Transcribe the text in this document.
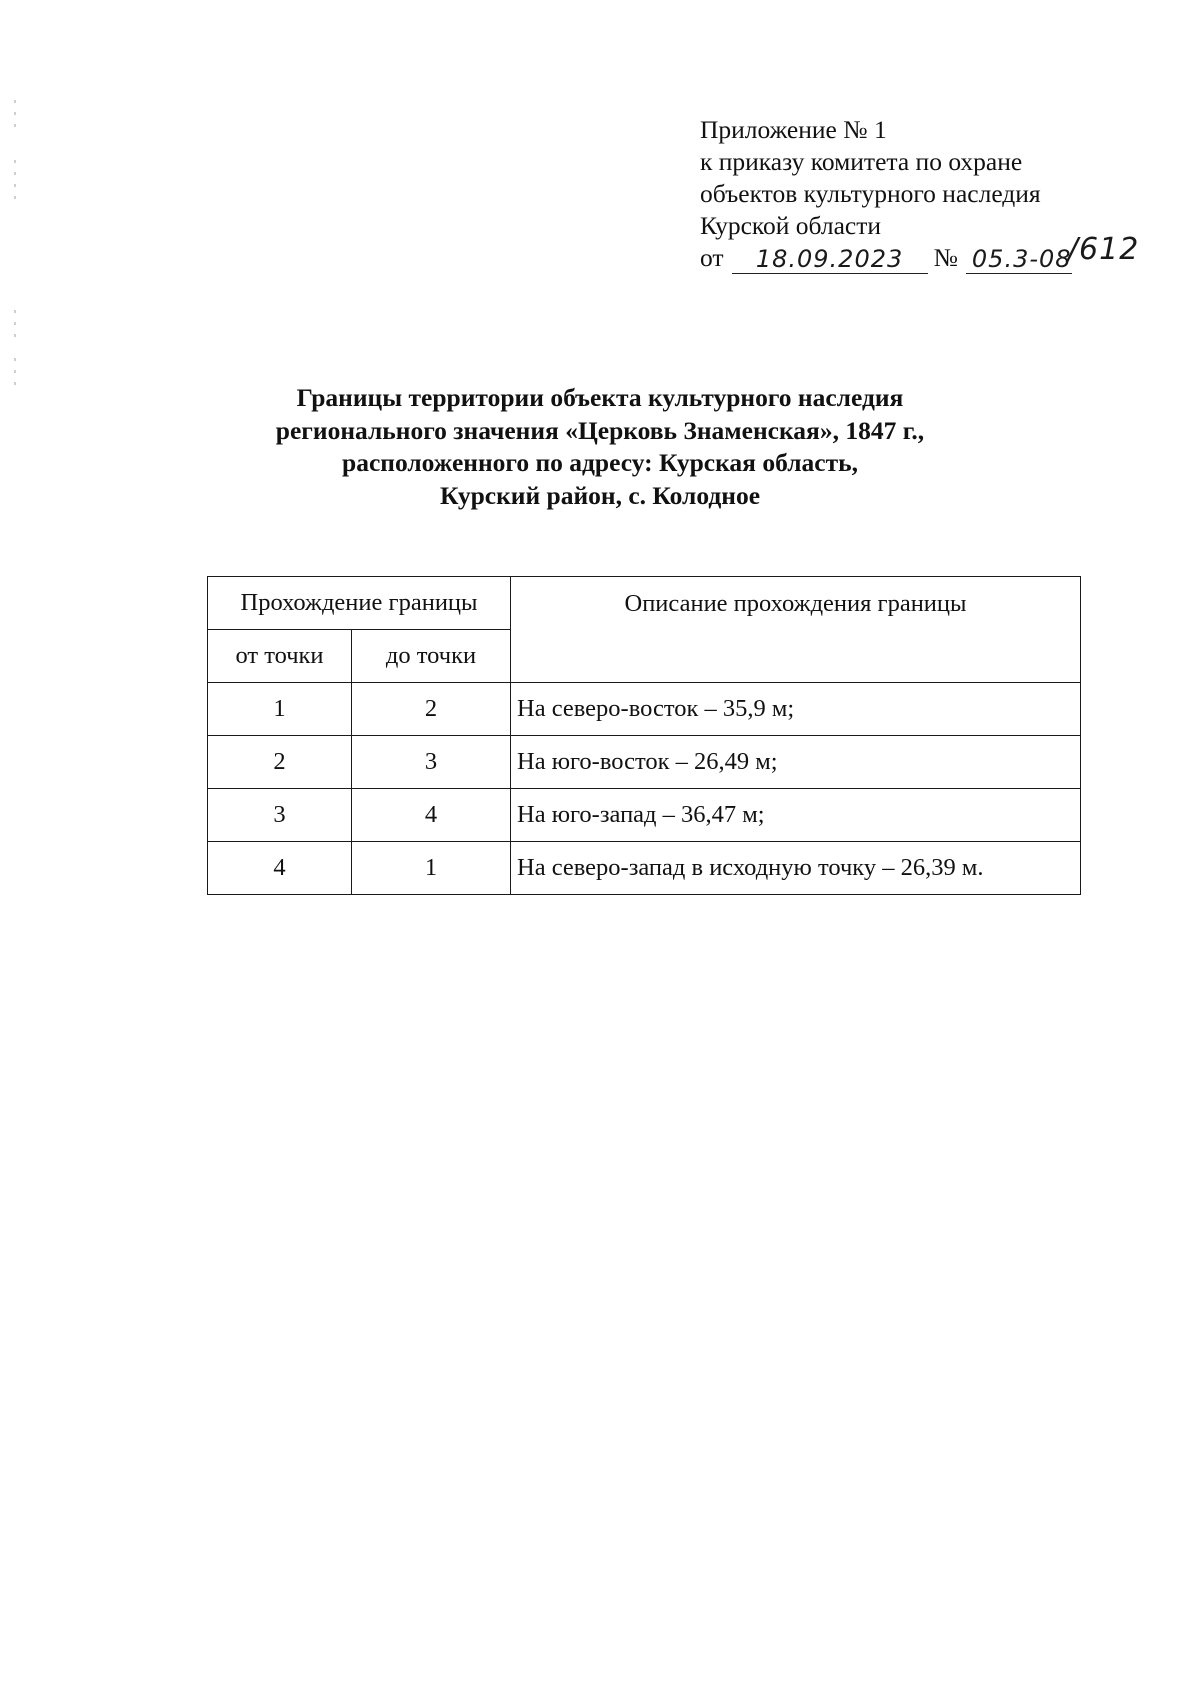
Приложение № 1
к приказу комитета по охране
объектов культурного наследия
Курской области
от	18.09.2023	№ 05.3-08
/612
Границы территории объекта культурного наследия
регионального значения «Церковь Знаменская», 1847 г.,
расположенного по адресу: Курская область,
Курский район, с. Колодное
Прохождение границы		Описание прохождения границы
от точки	до точки	
1	2	На северо-восток – 35,9 м;
2	3	На юго-восток – 26,49 м;
3	4	На юго-запад – 36,47 м;
4	1	На северо-запад в исходную точку – 26,39 м.
